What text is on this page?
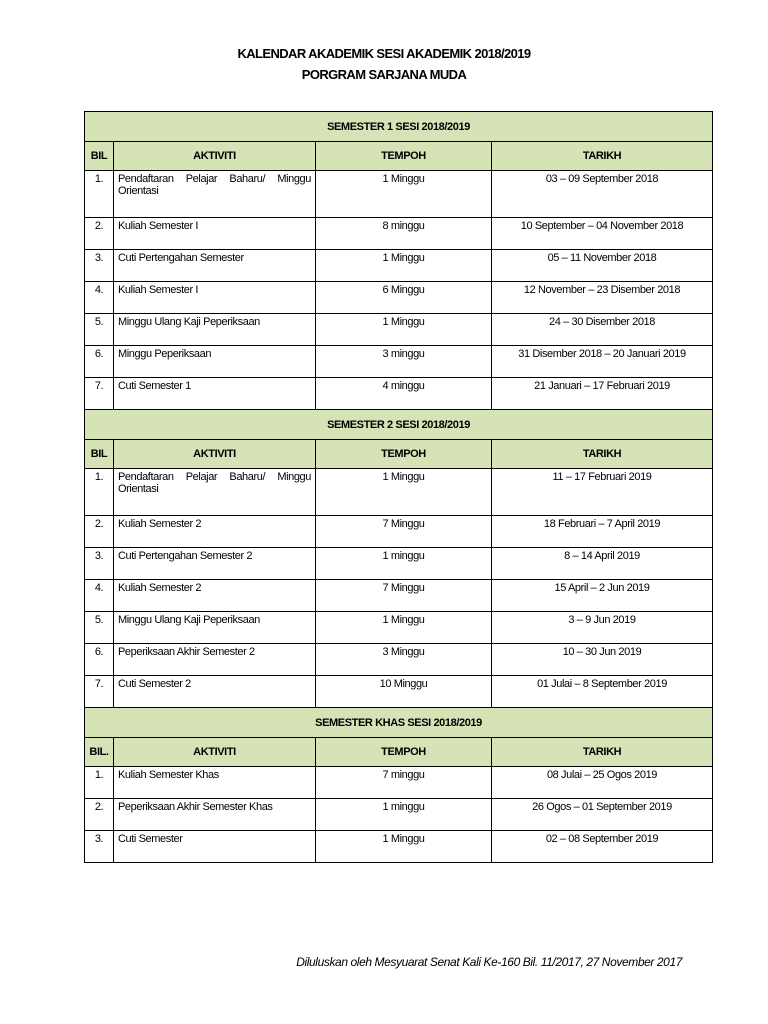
KALENDAR AKADEMIK SESI AKADEMIK 2018/2019
PORGRAM SARJANA MUDA
SEMESTER 1 SESI 2018/2019			
BIL	AKTIVITI	TEMPOH	TARIKH
1.	Pendaftaran Pelajar Baharu/ Minggu Orientasi	1 Minggu	03 – 09 September 2018
2.	Kuliah Semester I	8 minggu	10 September – 04 November 2018
3.	Cuti Pertengahan Semester	1 Minggu	05 – 11 November 2018
4.	Kuliah Semester I	6 Minggu	12 November – 23 Disember 2018
5.	Minggu Ulang Kaji Peperiksaan	1 Minggu	24 – 30 Disember 2018
6.	Minggu Peperiksaan	3 minggu	31 Disember 2018 – 20 Januari 2019
7.	Cuti Semester 1	4 minggu	21 Januari – 17 Februari 2019
SEMESTER 2 SESI 2018/2019			
BIL	AKTIVITI	TEMPOH	TARIKH
1.	Pendaftaran Pelajar Baharu/ Minggu Orientasi	1 Minggu	11 – 17 Februari 2019
2.	Kuliah Semester 2	7 Minggu	18 Februari – 7 April 2019
3.	Cuti Pertengahan Semester 2	1 minggu	8 – 14 April 2019
4.	Kuliah Semester 2	7 Minggu	15 April – 2 Jun 2019
5.	Minggu Ulang Kaji Peperiksaan	1 Minggu	3 – 9 Jun 2019
6.	Peperiksaan Akhir Semester 2	3 Minggu	10 – 30 Jun 2019
7.	Cuti Semester 2	10 Minggu	01 Julai – 8 September 2019
SEMESTER KHAS SESI 2018/2019			
BIL.	AKTIVITI	TEMPOH	TARIKH
1.	Kuliah Semester Khas	7 minggu	08 Julai – 25 Ogos 2019
2.	Peperiksaan Akhir Semester Khas	1 minggu	26 Ogos – 01 September 2019
3.	Cuti Semester	1 Minggu	02 – 08 September 2019
Diluluskan oleh Mesyuarat Senat Kali Ke-160 Bil. 11/2017, 27 November 2017
